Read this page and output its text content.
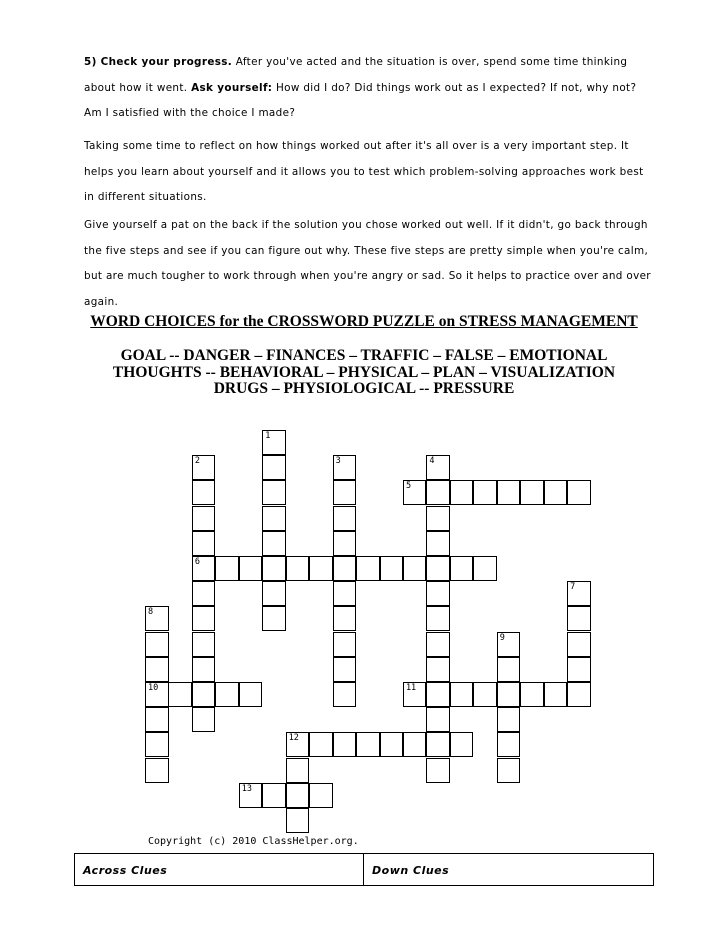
5) Check your progress. After you've acted and the situation is over, spend some time thinking about how it went. Ask yourself: How did I do? Did things work out as I expected? If not, why not? Am I satisfied with the choice I made?

Taking some time to reflect on how things worked out after it's all over is a very important step. It helps you learn about yourself and it allows you to test which problem-solving approaches work best in different situations.

Give yourself a pat on the back if the solution you chose worked out well. If it didn't, go back through the five steps and see if you can figure out why. These five steps are pretty simple when you're calm, but are much tougher to work through when you're angry or sad. So it helps to practice over and over again.

WORD CHOICES for the CROSSWORD PUZZLE on STRESS MANAGEMENT
GOAL -- DANGER – FINANCES – TRAFFIC – FALSE – EMOTIONAL
THOUGHTS -- BEHAVIORAL – PHYSICAL – PLAN – VISUALIZATION
DRUGS – PHYSIOLOGICAL -- PRESSURE
1
2
6
3	4
5
7
8
10
9
11
12
13
Copyright (c) 2010 ClassHelper.org.
Across Clues	Down Clues
